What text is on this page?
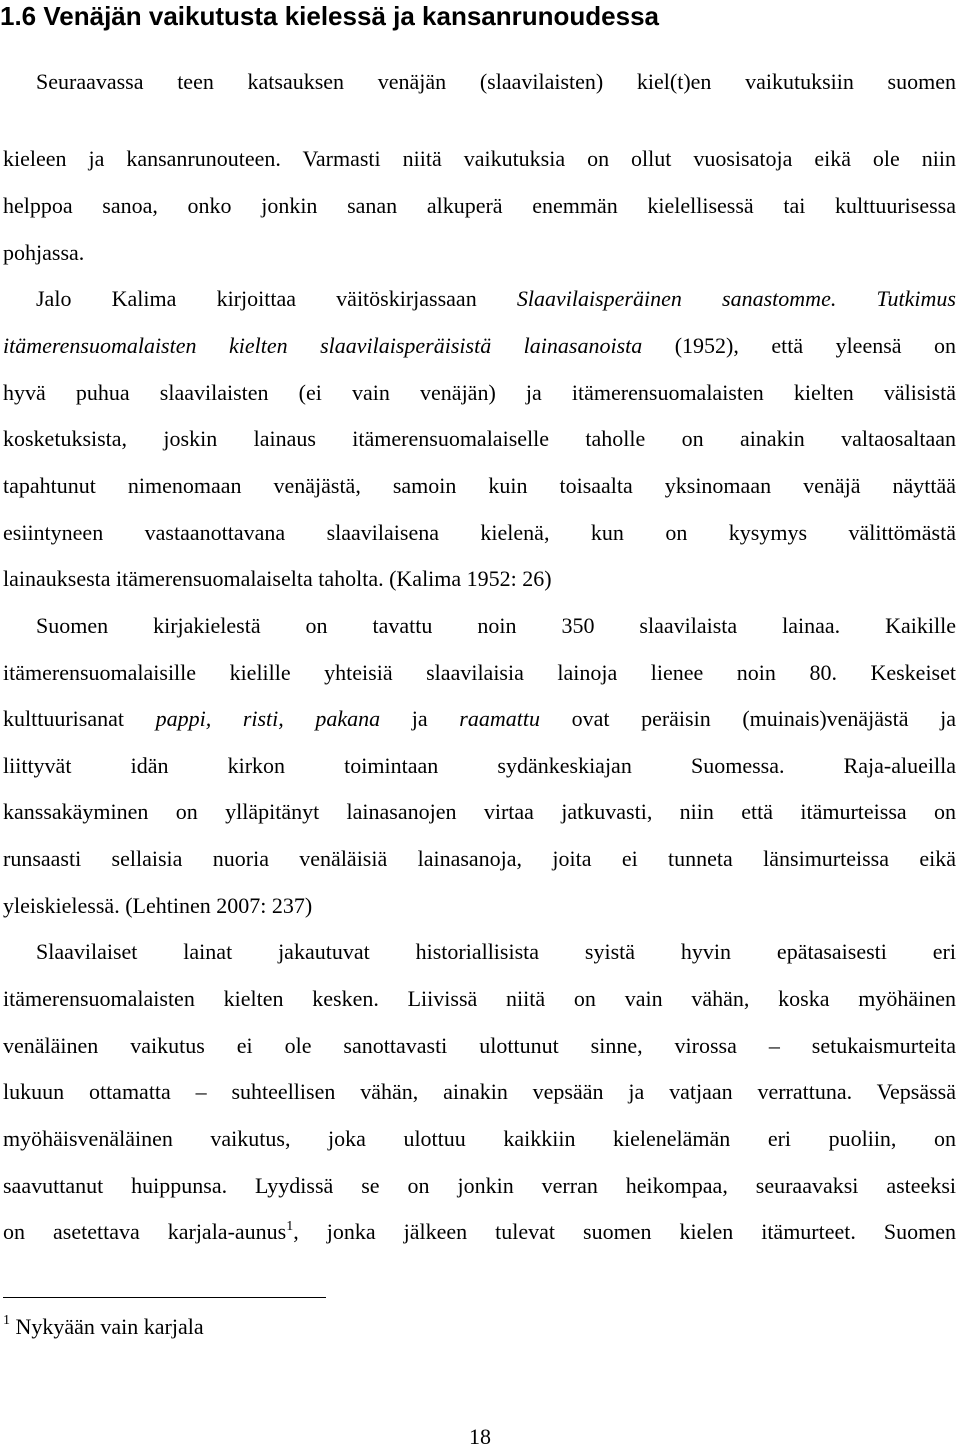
1.6 Venäjän vaikutusta kielessä ja kansanrunoudessa
Seuraavassa teen katsauksen venäjän (slaavilaisten) kiel(t)en vaikutuksiin suomen
kieleen ja kansanrunouteen. Varmasti niitä vaikutuksia on ollut vuosisatoja eikä ole niin
helppoa sanoa, onko jonkin sanan alkuperä enemmän kielellisessä tai kulttuurisessa
pohjassa.
Jalo Kalima kirjoittaa väitöskirjassaan Slaavilaisperäinen sanastomme. Tutkimus
itämerensuomalaisten kielten slaavilaisperäisistä lainasanoista (1952), että yleensä on
hyvä puhua slaavilaisten (ei vain venäjän) ja itämerensuomalaisten kielten välisistä
kosketuksista, joskin lainaus itämerensuomalaiselle taholle on ainakin valtaosaltaan
tapahtunut nimenomaan venäjästä, samoin kuin toisaalta yksinomaan venäjä näyttää
esiintyneen vastaanottavana slaavilaisena kielenä, kun on kysymys välittömästä
lainauksesta itämerensuomalaiselta taholta. (Kalima 1952: 26)
Suomen kirjakielestä on tavattu noin 350 slaavilaista lainaa. Kaikille
itämerensuomalaisille kielille yhteisiä slaavilaisia lainoja lienee noin 80. Keskeiset
kulttuurisanat pappi, risti, pakana ja raamattu ovat peräisin (muinais)venäjästä ja
liittyvät idän kirkon toimintaan sydänkeskiajan Suomessa. Raja-alueilla
kanssakäyminen on ylläpitänyt lainasanojen virtaa jatkuvasti, niin että itämurteissa on
runsaasti sellaisia nuoria venäläisiä lainasanoja, joita ei tunneta länsimurteissa eikä
yleiskielessä. (Lehtinen 2007: 237)
Slaavilaiset lainat jakautuvat historiallisista syistä hyvin epätasaisesti eri
itämerensuomalaisten kielten kesken. Liivissä niitä on vain vähän, koska myöhäinen
venäläinen vaikutus ei ole sanottavasti ulottunut sinne, virossa – setukaismurteita
lukuun ottamatta – suhteellisen vähän, ainakin vepsään ja vatjaan verrattuna. Vepsässä
myöhäisvenäläinen vaikutus, joka ulottuu kaikkiin kielenelämän eri puoliin, on
saavuttanut huippunsa. Lyydissä se on jonkin verran heikompaa, seuraavaksi asteeksi
on asetettava karjala-aunus$^1$, jonka jälkeen tulevat suomen kielen itämurteet. Suomen
$^1$ Nykyään vain karjala
18
